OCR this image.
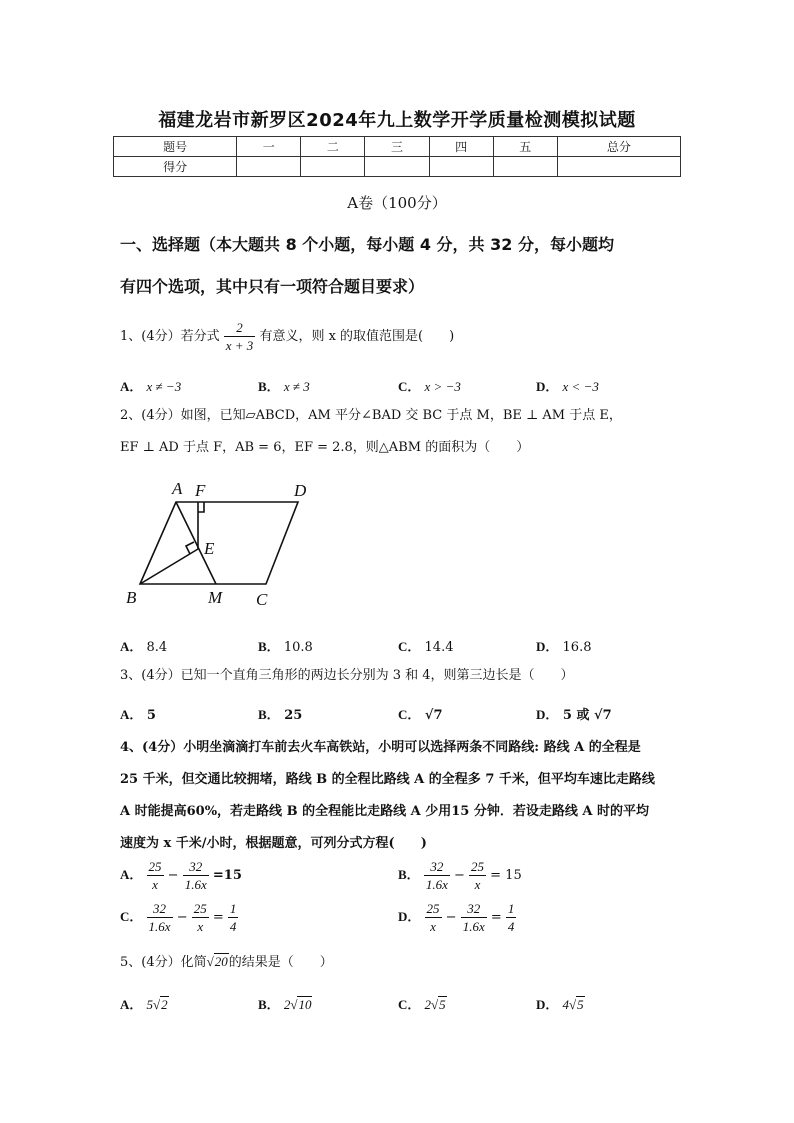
福建龙岩市新罗区2024年九上数学开学质量检测模拟试题
题号	一	二	三	四	五	总分
得分						
A卷（100分）
一、选择题（本大题共 8 个小题，每小题 4 分，共 32 分，每小题均
有四个选项，其中只有一项符合题目要求）
1、(4分）若分式 $\frac{2}{x + 3}$ 有意义，则 x 的取值范围是(　　)
A． x ≠ −3	B． x ≠ 3	C． x > −3	D． x < −3
2、(4分）如图，已知▱ABCD，AM 平分∠BAD 交 BC 于点 M，BE ⊥ AM 于点 E，
EF ⊥ AD 于点 F，AB = 6，EF = 2.8，则△ABM 的面积为（　　）
A F	D
E
B	M C
A． 8.4	B． 10.8	C． 14.4	D． 16.8
3、(4分）已知一个直角三角形的两边长分别为 3 和 4，则第三边长是（　　）
A． 5	B． 25	C． √7	D． 5 或 √7
4、(4分）小明坐滴滴打车前去火车高铁站，小明可以选择两条不同路线: 路线 A 的全程是
25 千米，但交通比较拥堵，路线 B 的全程比路线 A 的全程多 7 千米，但平均车速比走路线
A 时能提高60%，若走路线 B 的全程能比走路线 A 少用15 分钟．若设走路线 A 时的平均
速度为 x 千米/小时，根据题意，可列分式方程(　　)
A． $\frac{25}{x} - \frac{32}{1.6x} =15$	B． $\frac{32}{1.6x} - \frac{25}{x} = 15$
C． $\frac{32}{1.6x} - \frac{25}{x} = \frac{1}{4}$	D． $\frac{25}{x} - \frac{32}{1.6x} = \frac{1}{4}$
5、(4分）化简√20的结果是（　　）
A． 5√2	B． 2√10	C． 2√5	D． 4√5
